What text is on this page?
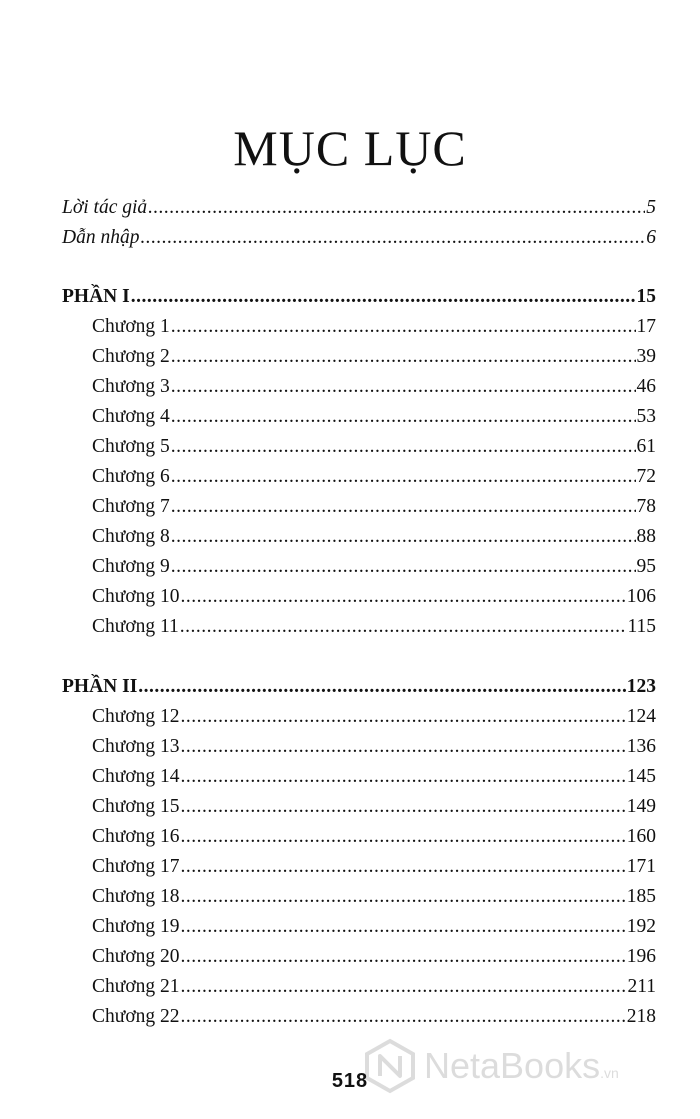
MỤC LỤC
Lời tác giả .....	5
Dẫn nhập .....	6
PHẦN I .....	15
Chương 1 .....	17
Chương 2 .....	39
Chương 3 .....	46
Chương 4 .....	53
Chương 5 .....	61
Chương 6 .....	72
Chương 7 .....	78
Chương 8 .....	88
Chương 9 .....	95
Chương 10 .....	106
Chương 11 .....	115
PHẦN II .....	123
Chương 12 .....	124
Chương 13 .....	136
Chương 14 .....	145
Chương 15 .....	149
Chương 16 .....	160
Chương 17 .....	171
Chương 18 .....	185
Chương 19 .....	192
Chương 20 .....	196
Chương 21 .....	211
Chương 22 .....	218
NetaBooks.vn
518
